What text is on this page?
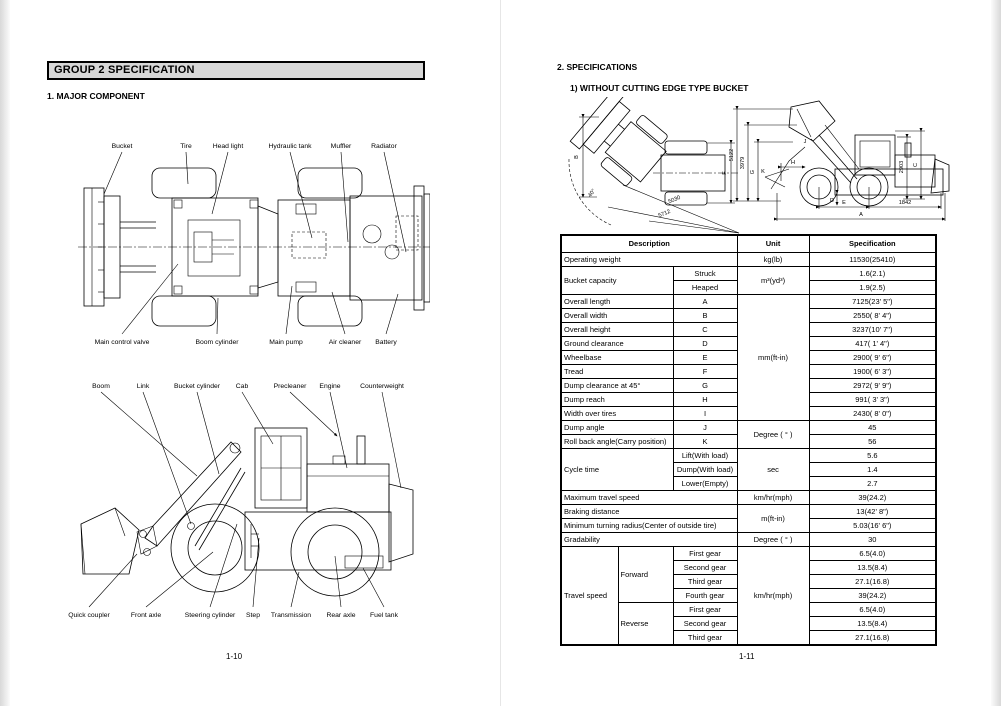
GROUP 2 SPECIFICATION
1. MAJOR COMPONENT
Bucket	Tire	Head light	Hydraulic tank	Muffler	Radiator
Main control valve	Boom cylinder	Main pump	Air cleaner Battery
Boom	Link	Bucket cylinder Cab	Precleaner Engine	Counterweight
Quick coupler	Front axle	Steering cylinder Step Transmission Rear axle Fuel tank
1-10
2. SPECIFICATIONS
1) WITHOUT CUTTING EDGE TYPE BUCKET
B
40°
5030
5712
F
5122
3979
G
J
H
K
D E	1842
A
2903 C
Description			Unit	Specification
Operating weight			kg(lb)	11530(25410)
Bucket capacity		Struck	m³(yd³)	1.6(2.1)
		Heaped		1.9(2.5)
Overall length		A	mm(ft-in)	7125(23' 5")
Overall width		B		2550( 8' 4")
Overall height		C		3237(10' 7")
Ground clearance		D		417( 1' 4")
Wheelbase		E		2900( 9' 6")
Tread		F		1900( 6' 3")
Dump clearance at 45°		G		2972( 9' 9")
Dump reach		H		991( 3' 3")
Width over tires		I		2430( 8' 0")
Dump angle		J	Degree ( ° )	45
Roll back angle(Carry position)		K		56
Cycle time		Lift(With load)	sec	5.6
		Dump(With load)		1.4
		Lower(Empty)		2.7
Maximum travel speed			km/hr(mph)	39(24.2)
Braking distance			m(ft-in)	13(42' 8")
Minimum turning radius(Center of outside tire)				5.03(16' 6")
Gradability			Degree ( ° )	30
Travel speed	Forward	First gear	km/hr(mph)	6.5(4.0)
		Second gear		13.5(8.4)
		Third gear		27.1(16.8)
		Fourth gear		39(24.2)
	Reverse	First gear		6.5(4.0)
		Second gear		13.5(8.4)
		Third gear		27.1(16.8)
1-11
